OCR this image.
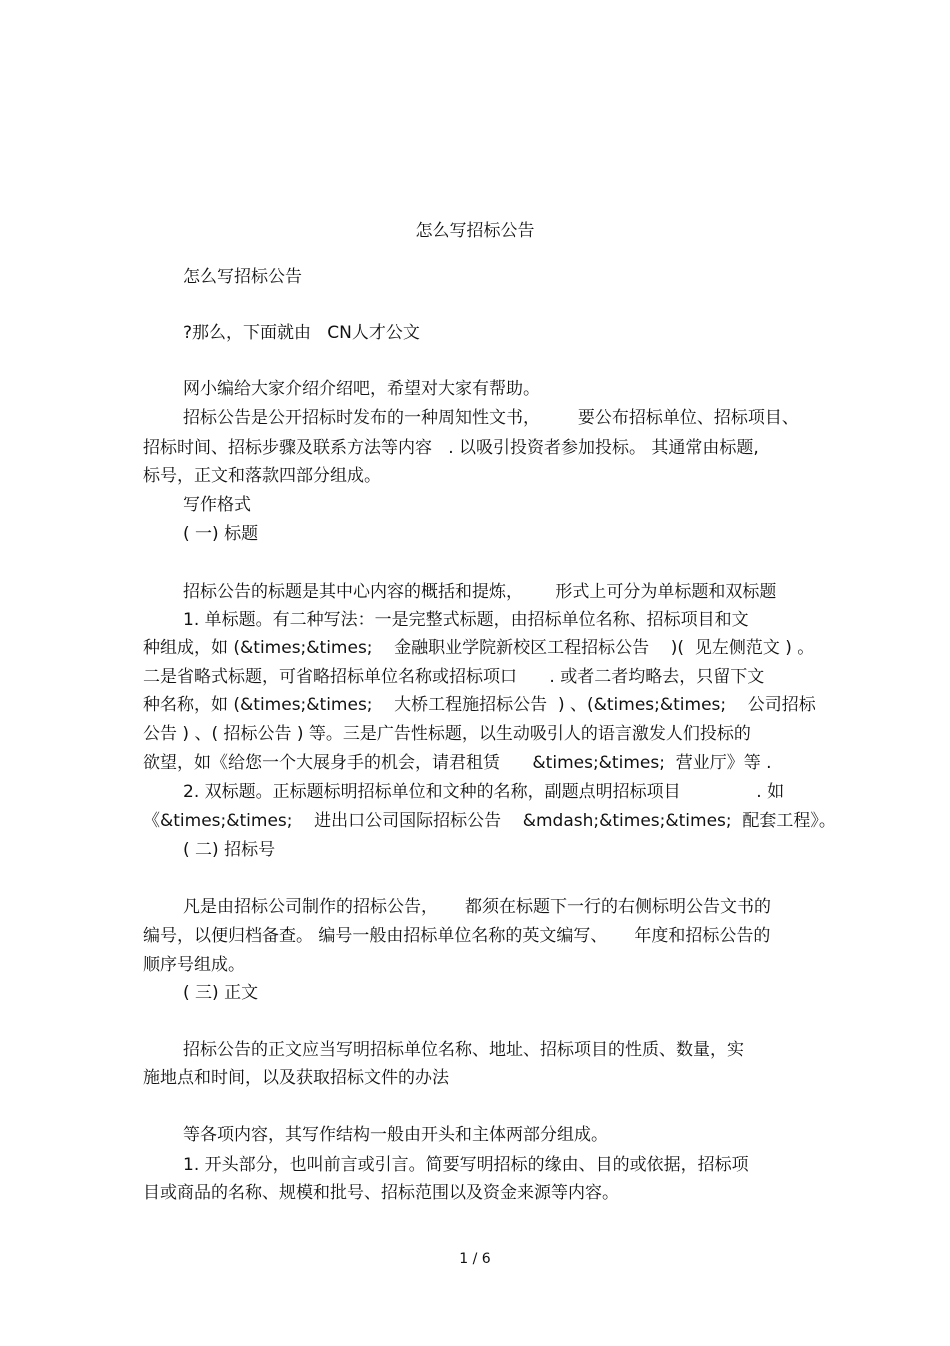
怎么写招标公告
怎么写招标公告
?那么，下面就由   CN人才公文
网小编给大家介绍介绍吧，希望对大家有帮助。
招标公告是公开招标时发布的一种周知性文书，       要公布招标单位、招标项目、
招标时间、招标步骤及联系方法等内容   . 以吸引投资者参加投标。 其通常由标题,
标号，正文和落款四部分组成。
写作格式
( 一) 标题
招标公告的标题是其中心内容的概括和提炼，      形式上可分为单标题和双标题
1. 单标题。有二种写法：一是完整式标题，由招标单位名称、招标项目和文
种组成，如 (&times;&times;    金融职业学院新校区工程招标公告    )(  见左侧范文 ) 。
二是省略式标题，可省略招标单位名称或招标项口      . 或者二者均略去，只留下文
种名称，如 (&times;&times;    大桥工程施招标公告  ) 、(&times;&times;    公司招标
公告 ) 、( 招标公告 ) 等。三是广告性标题，以生动吸引人的语言激发人们投标的
欲望，如《给您一个大展身手的机会，请君租赁      &times;&times;  营业厅》等 .
2. 双标题。正标题标明招标单位和文种的名称，副题点明招标项目              . 如
《&times;&times;    进出口公司国际招标公告    &mdash;&times;&times;  配套工程》。
( 二) 招标号
凡是由招标公司制作的招标公告，     都须在标题下一行的右侧标明公告文书的
编号，以便归档备查。 编号一般由招标单位名称的英文编写、     年度和招标公告的
顺序号组成。
( 三) 正文
招标公告的正文应当写明招标单位名称、地址、招标项目的性质、数量，实
施地点和时间，以及获取招标文件的办法
等各项内容，其写作结构一般由开头和主体两部分组成。
1. 开头部分，也叫前言或引言。简要写明招标的缘由、目的或依据，招标项
目或商品的名称、规模和批号、招标范围以及资金来源等内容。
1 / 6
